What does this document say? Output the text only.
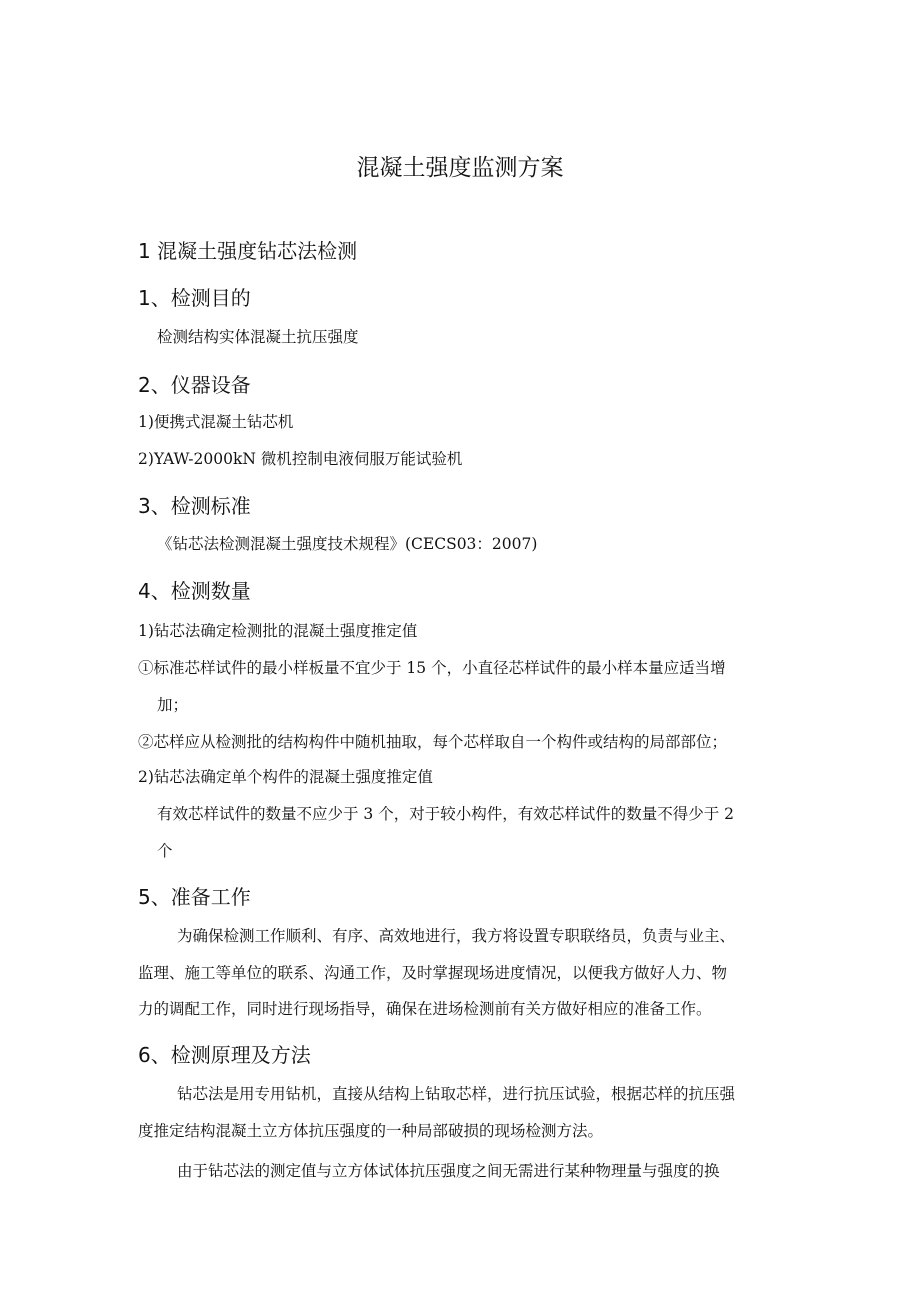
混凝土强度监测方案
1 混凝土强度钻芯法检测
1、检测目的
检测结构实体混凝土抗压强度
2、仪器设备
1)便携式混凝土钻芯机
2)YAW-2000kN 微机控制电液伺服万能试验机
3、检测标准
《钻芯法检测混凝土强度技术规程》(CECS03：2007)
4、检测数量
1)钻芯法确定检测批的混凝土强度推定值
①标准芯样试件的最小样板量不宜少于 15 个，小直径芯样试件的最小样本量应适当增
加；
②芯样应从检测批的结构构件中随机抽取，每个芯样取自一个构件或结构的局部部位；
2)钻芯法确定单个构件的混凝土强度推定值
有效芯样试件的数量不应少于 3 个，对于较小构件，有效芯样试件的数量不得少于 2
个
5、准备工作
为确保检测工作顺利、有序、高效地进行，我方将设置专职联络员，负责与业主、
监理、施工等单位的联系、沟通工作，及时掌握现场进度情况，以便我方做好人力、物
力的调配工作，同时进行现场指导，确保在进场检测前有关方做好相应的准备工作。
6、检测原理及方法
钻芯法是用专用钻机，直接从结构上钻取芯样，进行抗压试验，根据芯样的抗压强
度推定结构混凝土立方体抗压强度的一种局部破损的现场检测方法。
由于钻芯法的测定值与立方体试体抗压强度之间无需进行某种物理量与强度的换
